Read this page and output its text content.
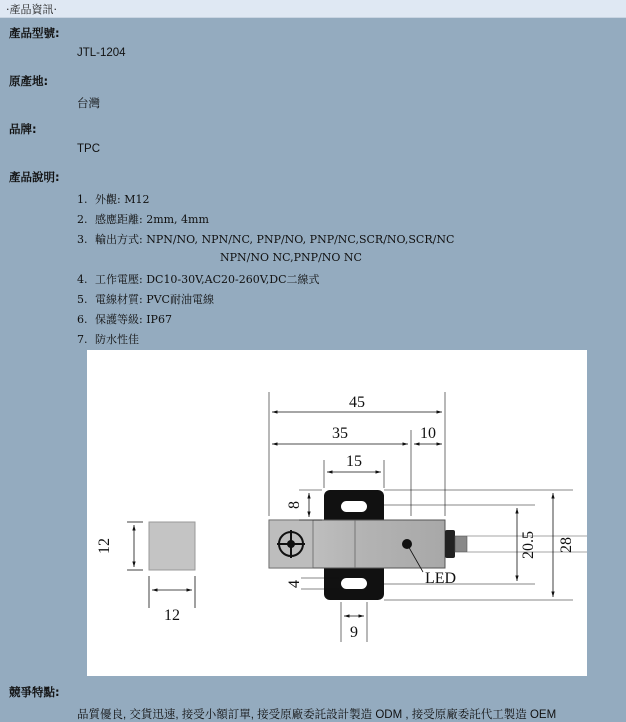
‧產品資訊‧
產品型號:
JTL-1204
原產地:
台灣
品牌:
TPC
產品說明:
1. 外觀: M12
2. 感應距離: 2mm, 4mm
3. 輸出方式: NPN/NO, NPN/NC, PNP/NO, PNP/NC,SCR/NO,SCR/NC
NPN/NO NC,PNP/NO NC
4. 工作電壓: DC10-30V,AC20-260V,DC二線式
5. 電線材質: PVC耐油電線
6. 保護等級: IP67
7. 防水性佳
12
12
LED
45
35	10
15
8
4
9
20.5 28
競爭特點:
品質優良, 交貨迅速, 接受小額訂單, 接受原廠委託設計製造 ODM , 接受原廠委託代工製造 OEM
